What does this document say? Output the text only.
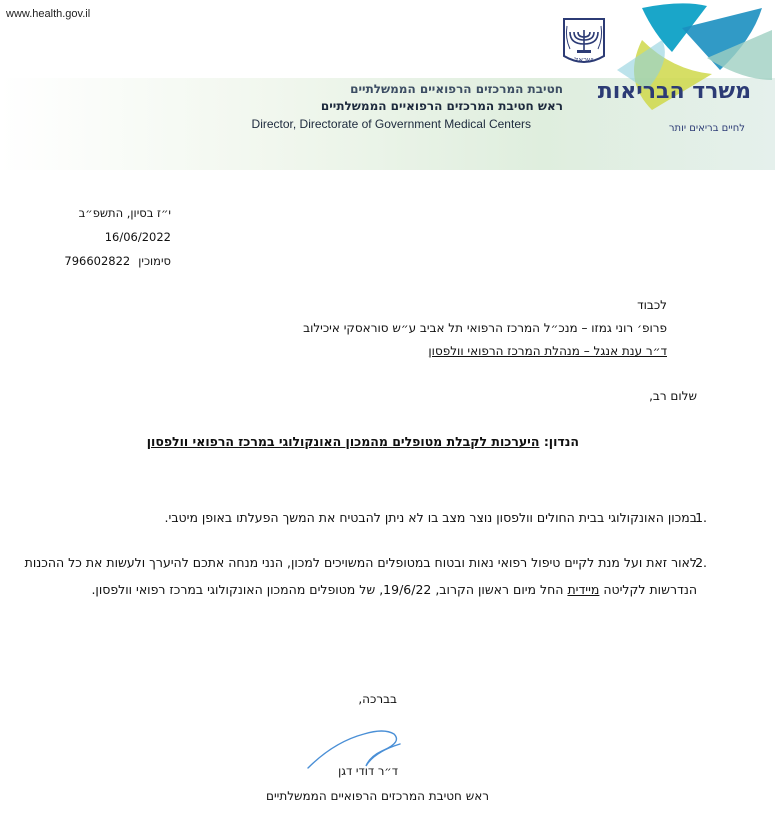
www.health.gov.il
ישראל
משרד הבריאות
לחיים בריאים יותר
חטיבת המרכזים הרפואיים הממשלתיים
ראש חטיבת המרכזים הרפואיים הממשלתיים
Director, Directorate of Government Medical Centers
י״ז בסיון, התשפ״ב
16/06/2022
סימוכין
796602822
לכבוד
פרופ׳ רוני גמזו – מנכ״ל המרכז הרפואי תל אביב ע״ש סוראסקי איכילוב
ד״ר ענת אנגל – מנהלת המרכז הרפואי וולפסון
שלום רב,
הנדון: היערכות לקבלת מטופלים מהמכון האונקולוגי במרכז הרפואי וולפסון
1.
במכון האונקולוגי בבית החולים וולפסון נוצר מצב בו לא ניתן להבטיח את המשך הפעלתו באופן מיטבי.
2.
לאור זאת ועל מנת לקיים טיפול רפואי נאות ובטוח במטופלים המשויכים למכון, הנני מנחה אתכם להיערך ולעשות את כל ההכנות הנדרשות לקליטה מיידית החל מיום ראשון הקרוב, 19/6/22, של מטופלים מהמכון האונקולוגי במרכז רפואי וולפסון.
בברכה,
ד״ר דודי דגן
ראש חטיבת המרכזים הרפואיים הממשלתיים
